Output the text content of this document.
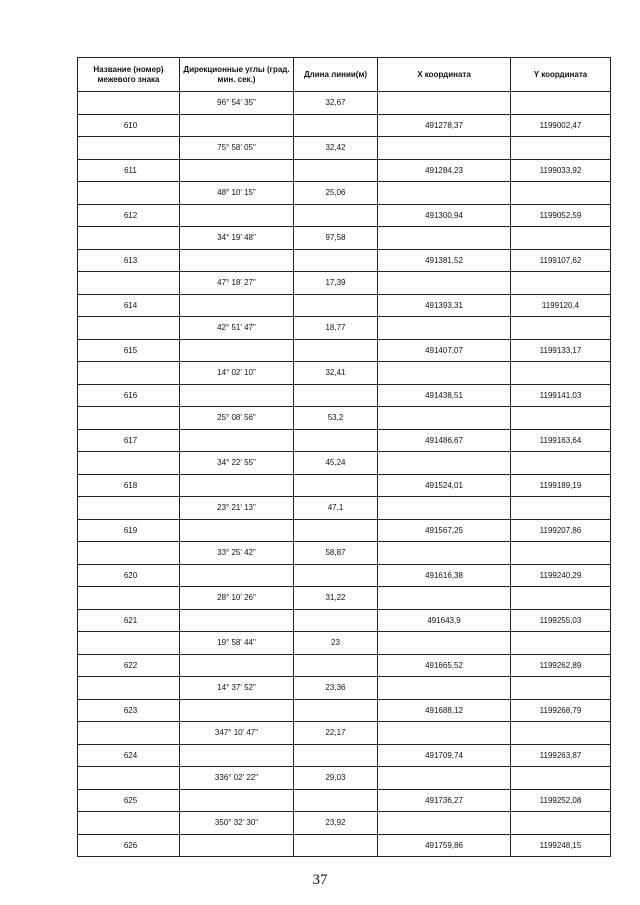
Название (номер) межевого знака	Дирекционные углы (град. мин. сек.)	Длина линии(м)	X координата	Y координата
	96° 54' 35"	32,67		
610			491278,37	1199002,47
	75° 58' 05"	32,42		
611			491284,23	1199033,92
	48° 10' 15"	25,06		
612			491300,94	1199052,59
	34° 19' 48"	97,58		
613			491381,52	1199107,62
	47° 18' 27"	17,39		
614			491393,31	1199120,4
	42° 51' 47"	18,77		
615			491407,07	1199133,17
	14° 02' 10"	32,41		
616			491438,51	1199141,03
	25° 08' 56"	53,2		
617			491486,67	1199163,64
	34° 22' 55"	45,24		
618			491524,01	1199189,19
	23° 21' 13"	47,1		
619			491567,25	1199207,86
	33° 25' 42"	58,87		
620			491616,38	1199240,29
	28° 10' 26"	31,22		
621			491643,9	1199255,03
	19° 58' 44"	23		
622			491665,52	1199262,89
	14° 37' 52"	23,36		
623			491688,12	1199268,79
	347° 10' 47"	22,17		
624			491709,74	1199263,87
	336° 02' 22"	29,03		
625			491736,27	1199252,08
	350° 32' 30"	23,92		
626			491759,86	1199248,15
37
